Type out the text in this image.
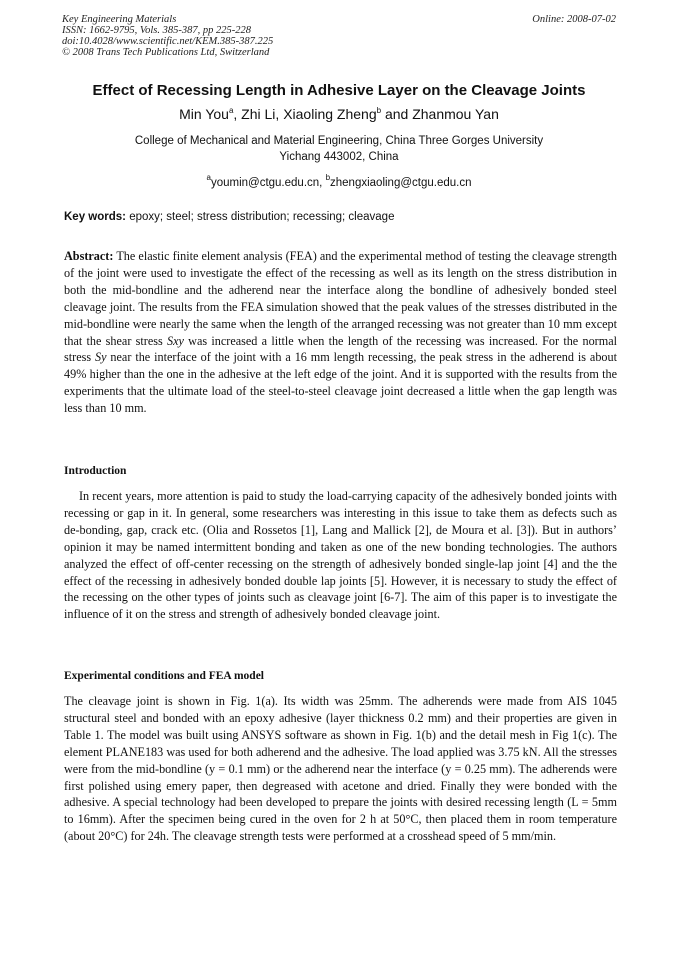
Key Engineering Materials
ISSN: 1662-9795, Vols. 385-387, pp 225-228
doi:10.4028/www.scientific.net/KEM.385-387.225
© 2008 Trans Tech Publications Ltd, Switzerland
Online: 2008-07-02
Effect of Recessing Length in Adhesive Layer on the Cleavage Joints
Min You$^a$, Zhi Li, Xiaoling Zheng$^b$ and Zhanmou Yan
College of Mechanical and Material Engineering, China Three Gorges University
Yichang 443002, China
$^a$youmin@ctgu.edu.cn, $^b$zhengxiaoling@ctgu.edu.cn
Key words: epoxy; steel; stress distribution; recessing; cleavage
Abstract: The elastic finite element analysis (FEA) and the experimental method of testing the cleavage strength of the joint were used to investigate the effect of the recessing as well as its length on the stress distribution in both the mid-bondline and the adherend near the interface along the bondline of adhesively bonded steel cleavage joint. The results from the FEA simulation showed that the peak values of the stresses distributed in the mid-bondline were nearly the same when the length of the arranged recessing was not greater than 10 mm except that the shear stress Sxy was increased a little when the length of the recessing was increased. For the normal stress Sy near the interface of the joint with a 16 mm length recessing, the peak stress in the adherend is about 49% higher than the one in the adhesive at the left edge of the joint. And it is supported with the results from the experiments that the ultimate load of the steel-to-steel cleavage joint decreased a little when the gap length was less than 10 mm.
Introduction
In recent years, more attention is paid to study the load-carrying capacity of the adhesively bonded joints with recessing or gap in it. In general, some researchers was interesting in this issue to take them as defects such as de-bonding, gap, crack etc. (Olia and Rossetos [1], Lang and Mallick [2], de Moura et al. [3]). But in authors’ opinion it may be named intermittent bonding and taken as one of the new bonding technologies. The authors analyzed the effect of off-center recessing on the strength of adhesively bonded single-lap joint [4] and the the effect of the recessing in adhesively bonded double lap joints [5]. However, it is necessary to study the effect of the recessing on the other types of joints such as cleavage joint [6-7]. The aim of this paper is to investigate the influence of it on the stress and strength of adhesively bonded cleavage joint.
Experimental conditions and FEA model
The cleavage joint is shown in Fig. 1(a). Its width was 25mm. The adherends were made from AIS 1045 structural steel and bonded with an epoxy adhesive (layer thickness 0.2 mm) and their properties are given in Table 1. The model was built using ANSYS software as shown in Fig. 1(b) and the detail mesh in Fig 1(c). The element PLANE183 was used for both adherend and the adhesive. The load applied was 3.75 kN. All the stresses were from the mid-bondline (y = 0.1 mm) or the adherend near the interface (y = 0.25 mm). The adherends were first polished using emery paper, then degreased with acetone and dried. Finally they were bonded with the adhesive. A special technology had been developed to prepare the joints with desired recessing length (L = 5mm to 16mm). After the specimen being cured in the oven for 2 h at 50°C, then placed them in room temperature (about 20°C) for 24h. The cleavage strength tests were performed at a crosshead speed of 5 mm/min.
